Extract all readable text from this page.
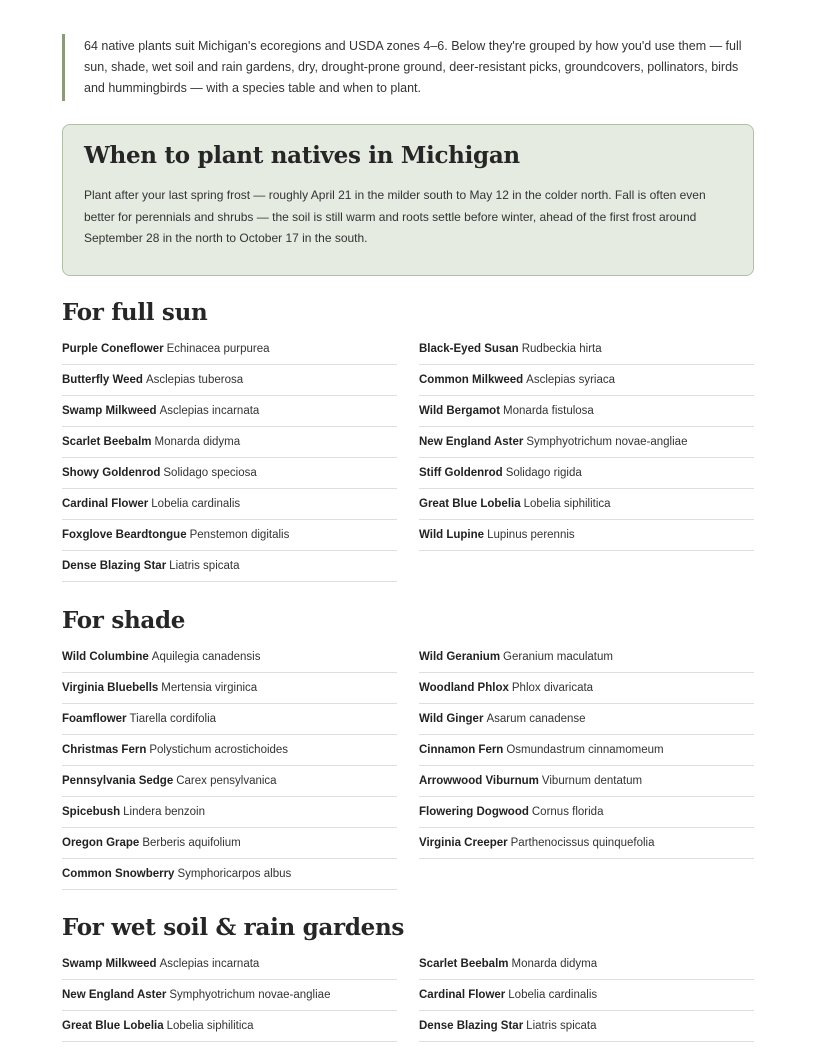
64 native plants suit Michigan's ecoregions and USDA zones 4–6. Below they're grouped by how you'd use them — full sun, shade, wet soil and rain gardens, dry, drought-prone ground, deer-resistant picks, groundcovers, pollinators, birds and hummingbirds — with a species table and when to plant.

When to plant natives in Michigan

Plant after your last spring frost — roughly April 21 in the milder south to May 12 in the colder north. Fall is often even better for perennials and shrubs — the soil is still warm and roots settle before winter, ahead of the first frost around September 28 in the north to October 17 in the south.

For full sun
Purple Coneflower Echinacea purpurea	Black-Eyed Susan Rudbeckia hirta
Butterfly Weed Asclepias tuberosa	Common Milkweed Asclepias syriaca
Swamp Milkweed Asclepias incarnata	Wild Bergamot Monarda fistulosa
Scarlet Beebalm Monarda didyma	New England Aster Symphyotrichum novae-angliae
Showy Goldenrod Solidago speciosa	Stiff Goldenrod Solidago rigida
Cardinal Flower Lobelia cardinalis	Great Blue Lobelia Lobelia siphilitica
Foxglove Beardtongue Penstemon digitalis	Wild Lupine Lupinus perennis
Dense Blazing Star Liatris spicata
For shade
Wild Columbine Aquilegia canadensis	Wild Geranium Geranium maculatum
Virginia Bluebells Mertensia virginica	Woodland Phlox Phlox divaricata
Foamflower Tiarella cordifolia	Wild Ginger Asarum canadense
Christmas Fern Polystichum acrostichoides	Cinnamon Fern Osmundastrum cinnamomeum
Pennsylvania Sedge Carex pensylvanica	Arrowwood Viburnum Viburnum dentatum
Spicebush Lindera benzoin	Flowering Dogwood Cornus florida
Oregon Grape Berberis aquifolium	Virginia Creeper Parthenocissus quinquefolia
Common Snowberry Symphoricarpos albus
For wet soil & rain gardens
Swamp Milkweed Asclepias incarnata	Scarlet Beebalm Monarda didyma
New England Aster Symphyotrichum novae-angliae	Cardinal Flower Lobelia cardinalis
Great Blue Lobelia Lobelia siphilitica	Dense Blazing Star Liatris spicata
